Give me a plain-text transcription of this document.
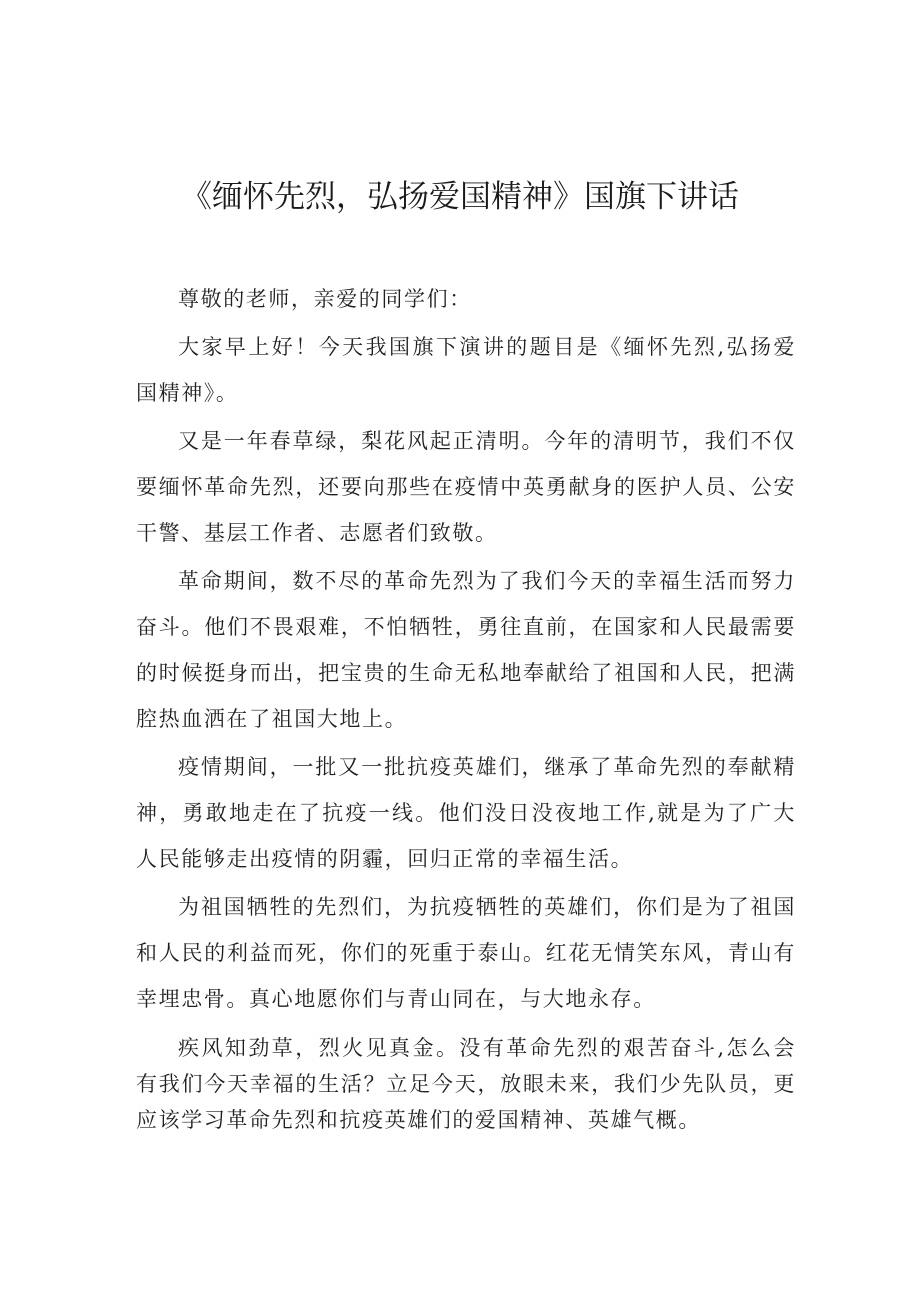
《缅怀先烈，弘扬爱国精神》国旗下讲话

尊敬的老师，亲爱的同学们：

大家早上好！今天我国旗下演讲的题目是《缅怀先烈,弘扬爱国精神》。

又是一年春草绿，梨花风起正清明。今年的清明节，我们不仅要缅怀革命先烈，还要向那些在疫情中英勇献身的医护人员、公安干警、基层工作者、志愿者们致敬。

革命期间，数不尽的革命先烈为了我们今天的幸福生活而努力奋斗。他们不畏艰难，不怕牺牲，勇往直前，在国家和人民最需要的时候挺身而出，把宝贵的生命无私地奉献给了祖国和人民，把满腔热血洒在了祖国大地上。

疫情期间，一批又一批抗疫英雄们，继承了革命先烈的奉献精神，勇敢地走在了抗疫一线。他们没日没夜地工作,就是为了广大人民能够走出疫情的阴霾，回归正常的幸福生活。

为祖国牺牲的先烈们，为抗疫牺牲的英雄们，你们是为了祖国和人民的利益而死，你们的死重于泰山。红花无情笑东风，青山有幸埋忠骨。真心地愿你们与青山同在，与大地永存。

疾风知劲草，烈火见真金。没有革命先烈的艰苦奋斗,怎么会有我们今天幸福的生活？立足今天，放眼未来，我们少先队员，更应该学习革命先烈和抗疫英雄们的爱国精神、英雄气概。
